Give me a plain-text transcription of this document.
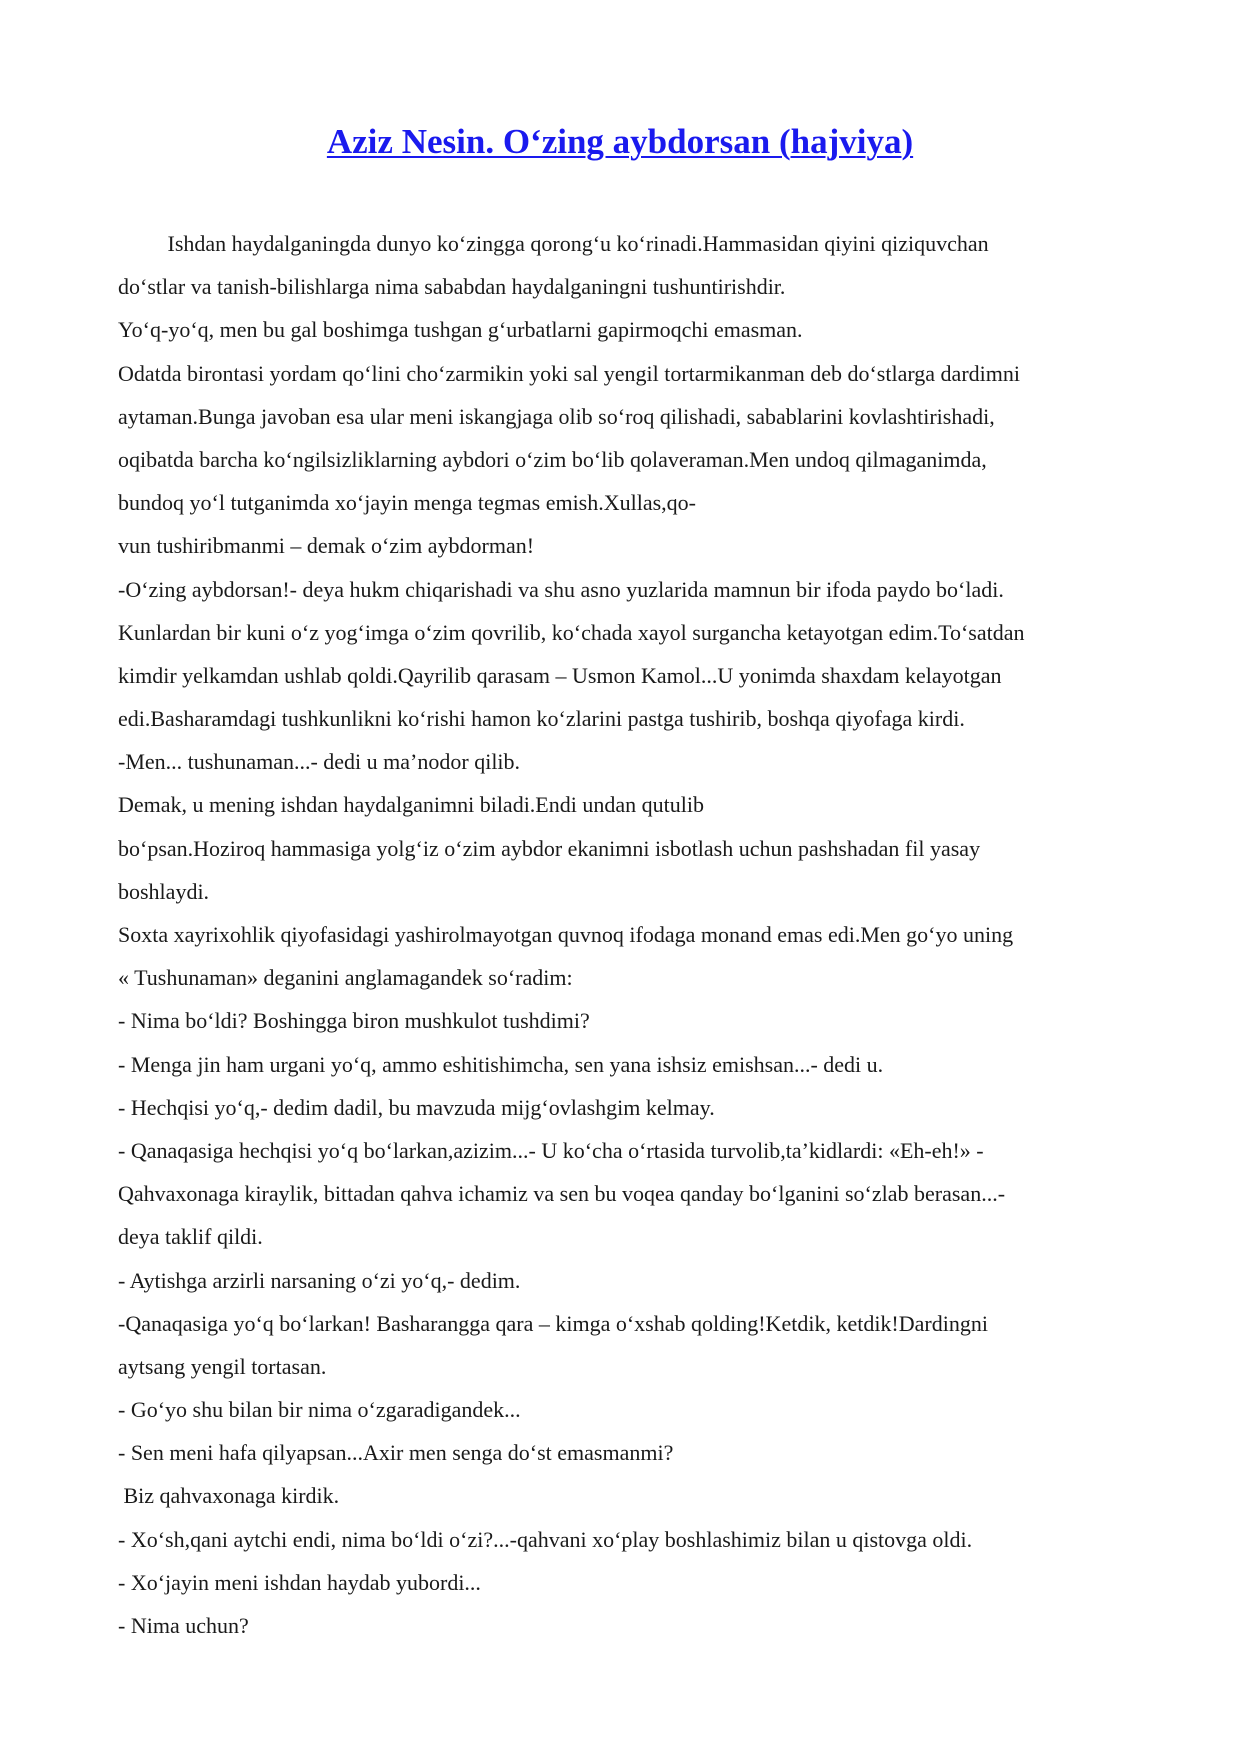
Aziz Nesin. O‘zing aybdorsan (hajviya)

Ishdan haydalganingda dunyo ko‘zingga qorong‘u ko‘rinadi.Hammasidan qiyini qiziquvchan

do‘stlar va tanish-bilishlarga nima sababdan haydalganingni tushuntirishdir.

Yo‘q-yo‘q, men bu gal boshimga tushgan g‘urbatlarni gapirmoqchi emasman.

Odatda birontasi yordam qo‘lini cho‘zarmikin yoki sal yengil tortarmikanman deb do‘stlarga dardimni

aytaman.Bunga javoban esa ular meni iskangjaga olib so‘roq qilishadi, sabablarini kovlashtirishadi,

oqibatda barcha ko‘ngilsizliklarning aybdori o‘zim bo‘lib qolaveraman.Men undoq qilmaganimda,

bundoq yo‘l tutganimda xo‘jayin menga tegmas emish.Xullas,qo-

vun tushiribmanmi – demak o‘zim aybdorman!

-O‘zing aybdorsan!- deya hukm chiqarishadi va shu asno yuzlarida mamnun bir ifoda paydo bo‘ladi.

Kunlardan bir kuni o‘z yog‘imga o‘zim qovrilib, ko‘chada xayol surgancha ketayotgan edim.To‘satdan

kimdir yelkamdan ushlab qoldi.Qayrilib qarasam – Usmon Kamol...U yonimda shaxdam kelayotgan

edi.Basharamdagi tushkunlikni ko‘rishi hamon ko‘zlarini pastga tushirib, boshqa qiyofaga kirdi.

-Men... tushunaman...- dedi u ma’nodor qilib.

Demak, u mening ishdan haydalganimni biladi.Endi undan qutulib

bo‘psan.Hoziroq hammasiga yolg‘iz o‘zim aybdor ekanimni isbotlash uchun pashshadan fil yasay

boshlaydi.

Soxta xayrixohlik qiyofasidagi yashirolmayotgan quvnoq ifodaga monand emas edi.Men go‘yo uning

« Tushunaman» deganini anglamagandek so‘radim:

- Nima bo‘ldi? Boshingga biron mushkulot tushdimi?

- Menga jin ham urgani yo‘q, ammo eshitishimcha, sen yana ishsiz emishsan...- dedi u.

- Hechqisi yo‘q,- dedim dadil, bu mavzuda mijg‘ovlashgim kelmay.

- Qanaqasiga hechqisi yo‘q bo‘larkan,azizim...- U ko‘cha o‘rtasida turvolib,ta’kidlardi: «Eh-eh!» -

Qahvaxonaga kiraylik, bittadan qahva ichamiz va sen bu voqea qanday bo‘lganini so‘zlab berasan...-

deya taklif qildi.

- Aytishga arzirli narsaning o‘zi yo‘q,- dedim.

-Qanaqasiga yo‘q bo‘larkan! Basharangga qara – kimga o‘xshab qolding!Ketdik, ketdik!Dardingni

aytsang yengil tortasan.

- Go‘yo shu bilan bir nima o‘zgaradigandek...

- Sen meni hafa qilyapsan...Axir men senga do‘st emasmanmi?

Biz qahvaxonaga kirdik.

- Xo‘sh,qani aytchi endi, nima bo‘ldi o‘zi?...-qahvani xo‘play boshlashimiz bilan u qistovga oldi.

- Xo‘jayin meni ishdan haydab yubordi...

- Nima uchun?
